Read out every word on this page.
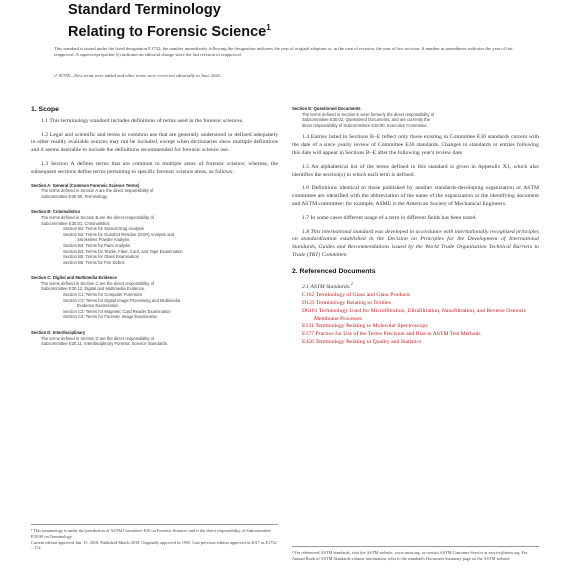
Standard Terminology
Relating to Forensic Science$^1$
This standard is issued under the fixed designation E1732; the number immediately following the designation indicates the year of original adoption or, in the case of revision, the year of last revision. A number in parentheses indicates the year of last reapproval. A superscript epsilon (ε) indicates an editorial change since the last revision or reapproval.
ε¹ NOTE—New terms were added and other terms were corrected editorially in June 2020.
1. Scope
1.1 This terminology standard includes definitions of terms used in the forensic sciences.
1.2 Legal and scientific and terms in common use that are generally understood or defined adequately in other readily available sources may not be included, except when dictionaries show multiple definitions and it seems desirable to include the definitions recommended for forensic science use.
1.3 Section A defines terms that are common to multiple areas of forensic science; whereas, the subsequent sections define terms pertaining to specific forensic science areas, as follows:
Section A: General (Common Forensic Science Terms)
The terms defined in Section A are the direct responsibility of
Subcommittee E30.90, Terminology.
Section B: Criminalistics
The terms defined in Section B are the direct responsibility of
Subcommittee E30.01, Criminalistics.
Section B1: Terms for Seized-Drug Analysis
Section B2: Terms for Gunshot Residue (GSR) Analysis and
Smokeless Powder Analysis
Section B3: Terms for Paint Analysis
Section B4: Terms for Textile, Fiber, Cord, and Tape Examination
Section B5: Terms for Glass Examination
Section B6: Terms for Fire Debris
Section C: Digital and Multimedia Evidence
The terms defined in Section C are the direct responsibility of
Subcommittee E30.12, Digital and Multimedia Evidence.
Section C1: Terms for Computer Forensics
Section C2: Terms for Digital Image Processing and Multimedia
Evidence Examination
Section C3: Terms for Magnetic Card Reader Examination
Section C4: Terms for Forensic Image Examination
Section D: Interdisciplinary
The terms defined in Section D are the direct responsibility of
Subcommittee E30.11, Interdisciplinary Forensic Science Standards.
¹ This terminology is under the jurisdiction of ASTM Committee E30 on Forensic Sciences and is the direct responsibility of Subcommittee E30.90 on Terminology.
Current edition approved Jan. 15, 2018. Published March 2018. Originally approved in 1995. Last previous edition approved in 2017 as E1732 – 17a.
Section E: Questioned Documents
The terms defined in Section E were formerly the direct responsibility of
Subcommittee E30.02, Questioned Documents, and are currently the
direct responsibility of Subcommittee E30.90, Executive Committee.
1.4 Entries listed in Sections B–E reflect only those existing in Committee E30 standards current with the date of a since yearly review of Committee E30 standards. Changes to standards or entries following this date will appear in Sections B–E after the following year's review date.
1.5 An alphabetical list of the terms defined in this standard is given in Appendix X1, which also identifies the section(s) in which each term is defined.
1.6 Definitions identical to those published by another standards-developing organization or ASTM committee are identified with the abbreviation of the name of the organization or the identifying document and ASTM committee; for example, ASME is the American Society of Mechanical Engineers.
1.7 In some cases different usage of a term in different fields has been noted.
1.8 This international standard was developed in accordance with internationally recognized principles on standardization established in the Decision on Principles for the Development of International Standards, Guides and Recommendations issued by the World Trade Organization Technical Barriers to Trade (TBT) Committee.
2. Referenced Documents
2.1 ASTM Standards:$^2$
C162 Terminology of Glass and Glass Products
D123 Terminology Relating to Textiles
D6161 Terminology Used for Microfiltration, Ultrafiltration, Nanofiltration, and Reverse Osmosis Membrane Processes
E131 Terminology Relating to Molecular Spectroscopy
E177 Practice for Use of the Terms Precision and Bias in ASTM Test Methods
E456 Terminology Relating to Quality and Statistics
² For referenced ASTM standards, visit the ASTM website, www.astm.org, or contact ASTM Customer Service at service@astm.org. For Annual Book of ASTM Standards volume information, refer to the standard's Document Summary page on the ASTM website.
